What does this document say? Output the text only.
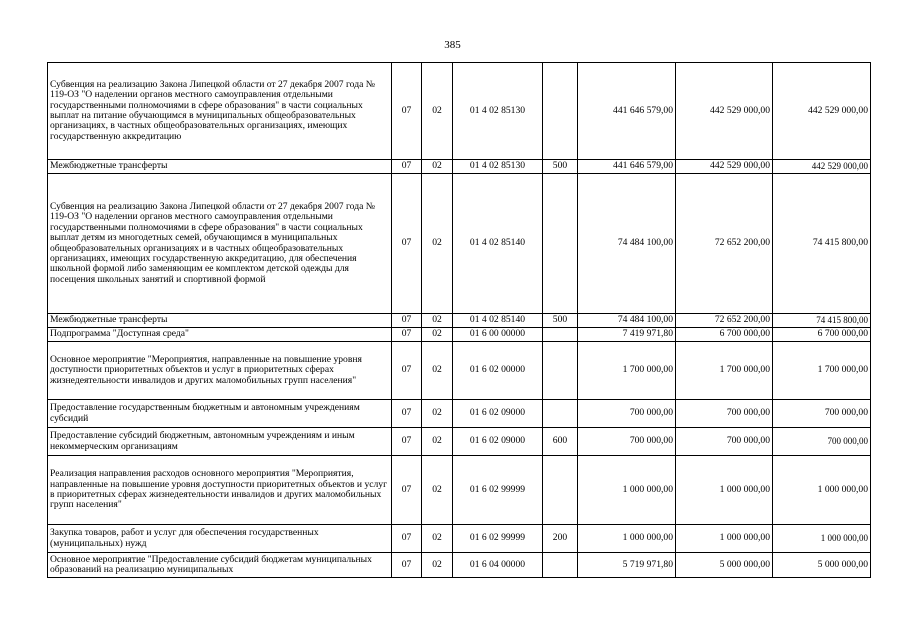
385
Субвенция на реализацию Закона Липецкой области от 27 декабря 2007 года № 119-ОЗ "О наделении органов местного самоуправления отдельными государственными полномочиями в сфере образования" в части социальных выплат на питание обучающимся в муниципальных общеобразовательных организациях, в частных общеобразовательных организациях, имеющих государственную аккредитацию	07	02	01 4 02 85130		441 646 579,00	442 529 000,00	442 529 000,00
Межбюджетные трансферты	07	02	01 4 02 85130	500	441 646 579,00	442 529 000,00	442 529 000,00
Субвенция на реализацию Закона Липецкой области от 27 декабря 2007 года № 119-ОЗ "О наделении органов местного самоуправления отдельными государственными полномочиями в сфере образования" в части социальных выплат детям из многодетных семей, обучающимся в муниципальных общеобразовательных организациях и в частных общеобразовательных организациях, имеющих государственную аккредитацию, для обеспечения школьной формой либо заменяющим ее комплектом детской одежды для посещения школьных занятий и спортивной формой	07	02	01 4 02 85140		74 484 100,00	72 652 200,00	74 415 800,00
Межбюджетные трансферты	07	02	01 4 02 85140	500	74 484 100,00	72 652 200,00	74 415 800,00
Подпрограмма "Доступная среда"	07	02	01 6 00 00000		7 419 971,80	6 700 000,00	6 700 000,00
Основное мероприятие "Мероприятия, направленные на повышение уровня доступности приоритетных объектов и услуг в приоритетных сферах жизнедеятельности инвалидов и других маломобильных групп населения"	07	02	01 6 02 00000		1 700 000,00	1 700 000,00	1 700 000,00
Предоставление государственным бюджетным и автономным учреждениям субсидий	07	02	01 6 02 09000		700 000,00	700 000,00	700 000,00
Предоставление субсидий бюджетным, автономным учреждениям и иным некоммерческим организациям	07	02	01 6 02 09000	600	700 000,00	700 000,00	700 000,00
Реализация направления расходов основного мероприятия "Мероприятия, направленные на повышение уровня доступности приоритетных объектов и услуг в приоритетных сферах жизнедеятельности инвалидов и других маломобильных групп населения"	07	02	01 6 02 99999		1 000 000,00	1 000 000,00	1 000 000,00
Закупка товаров, работ и услуг для обеспечения государственных (муниципальных) нужд	07	02	01 6 02 99999	200	1 000 000,00	1 000 000,00	1 000 000,00
Основное мероприятие "Предоставление субсидий бюджетам муниципальных образований на реализацию муниципальных	07	02	01 6 04 00000		5 719 971,80	5 000 000,00	5 000 000,00
